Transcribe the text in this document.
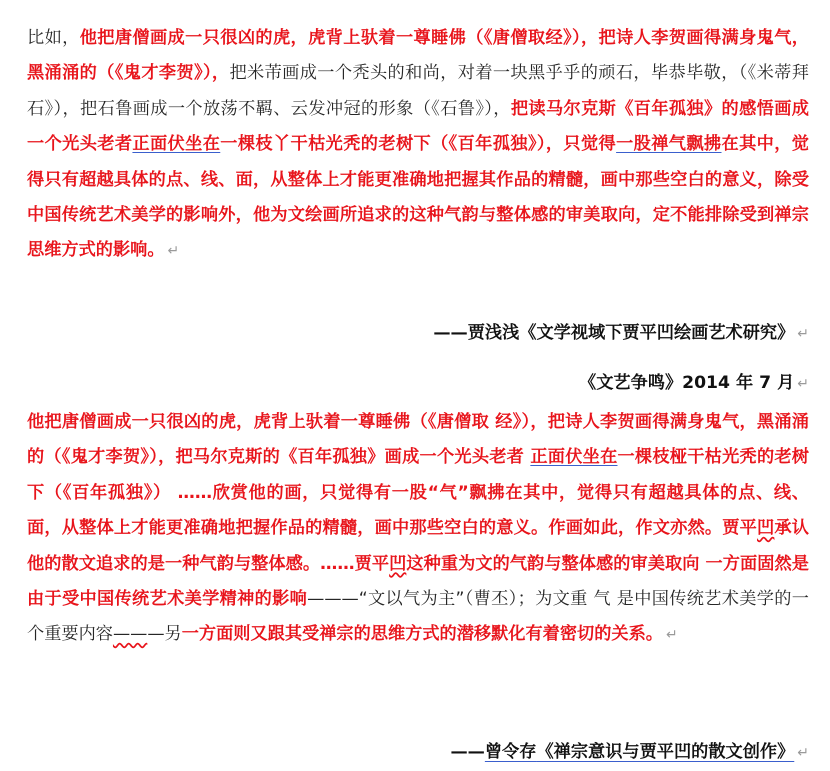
比如，他把唐僧画成一只很凶的虎，虎背上驮着一尊睡佛（《唐僧取经》），把诗人李贺画得满身鬼气，黑涌涌的（《鬼才李贺》），把米芾画成一个秃头的和尚，对着一块黑乎乎的顽石，毕恭毕敬，（《米蒂拜石》），把石鲁画成一个放荡不羁、云发冲冠的形象（《石鲁》），把读马尔克斯《百年孤独》的感悟画成一个光头老者正面伏坐在一棵枝丫干枯光秃的老树下（《百年孤独》），只觉得一股禅气飘拂在其中，觉得只有超越具体的点、线、面，从整体上才能更准确地把握其作品的精髓，画中那些空白的意义，除受中国传统艺术美学的影响外，他为文绘画所追求的这种气韵与整体感的审美取向，定不能排除受到禅宗思维方式的影响。 ↵

——贾浅浅《文学视域下贾平凹绘画艺术研究》 ↵
《文艺争鸣》2014 年 7 月 ↵

他把唐僧画成一只很凶的虎，虎背上驮着一尊睡佛（《唐僧取 经》），把诗人李贺画得满身鬼气，黑涌涌的（《鬼才李贺》），把马尔克斯的《百年孤独》画成一个光头老者 正面伏坐在一棵枝桠干枯光秃的老树下（《百年孤独》） ……欣赏他的画，只觉得有一股“气”飘拂在其中，觉得只有超越具体的点、线、面，从整体上才能更准确地把握作品的精髓，画中那些空白的意义。作画如此，作文亦然。贾平凹承认他的散文追求的是一种气韵与整体感。……贾平凹这种重为文的气韵与整体感的审美取向 一方面固然是由于受中国传统艺术美学精神的影响———“文以气为主”（曹丕）；为文重 气 是中国传统艺术美学的一个重要内容———另一方面则又跟其受禅宗的思维方式的潜移默化有着密切的关系。 ↵

——曾令存《禅宗意识与贾平凹的散文创作》 ↵
